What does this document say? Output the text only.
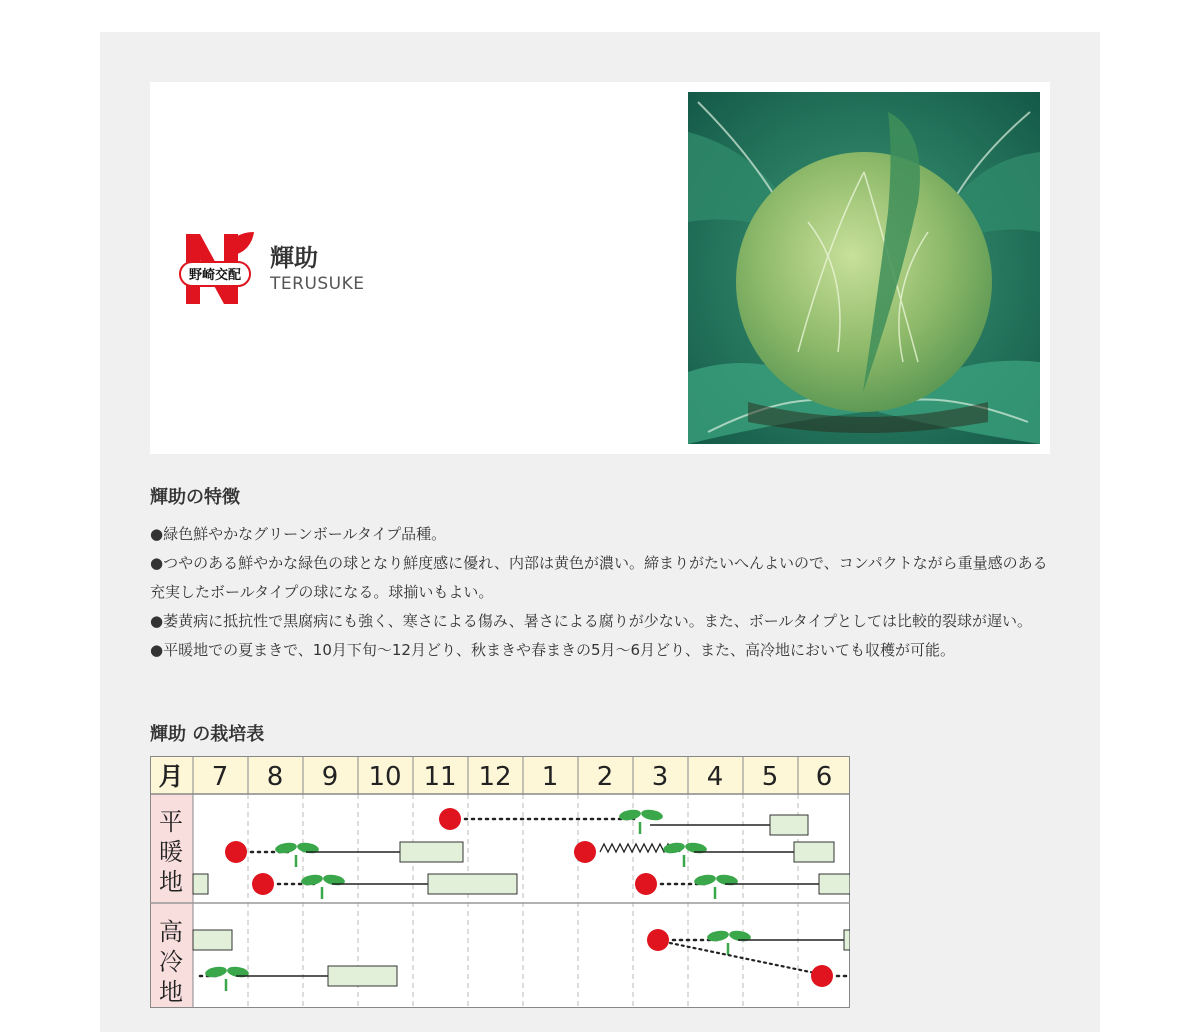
野崎交配
輝助
TERUSUKE
輝助の特徴
●緑色鮮やかなグリーンボールタイプ品種。
●つやのある鮮やかな緑色の球となり鮮度感に優れ、内部は黄色が濃い。締まりがたいへんよいので、コンパクトながら重量感のある充実したボールタイプの球になる。球揃いもよい。
●萎黄病に抵抗性で黒腐病にも強く、寒さによる傷み、暑さによる腐りが少ない。また、ボールタイプとしては比較的裂球が遅い。
●平暖地での夏まきで、10月下旬〜12月どり、秋まきや春まきの5月〜6月どり、また、高冷地においても収穫が可能。
輝助 の栽培表
月 7 8 9 10 11 12 1 2 3 4 5 6
平
暖
地
高
冷
地
